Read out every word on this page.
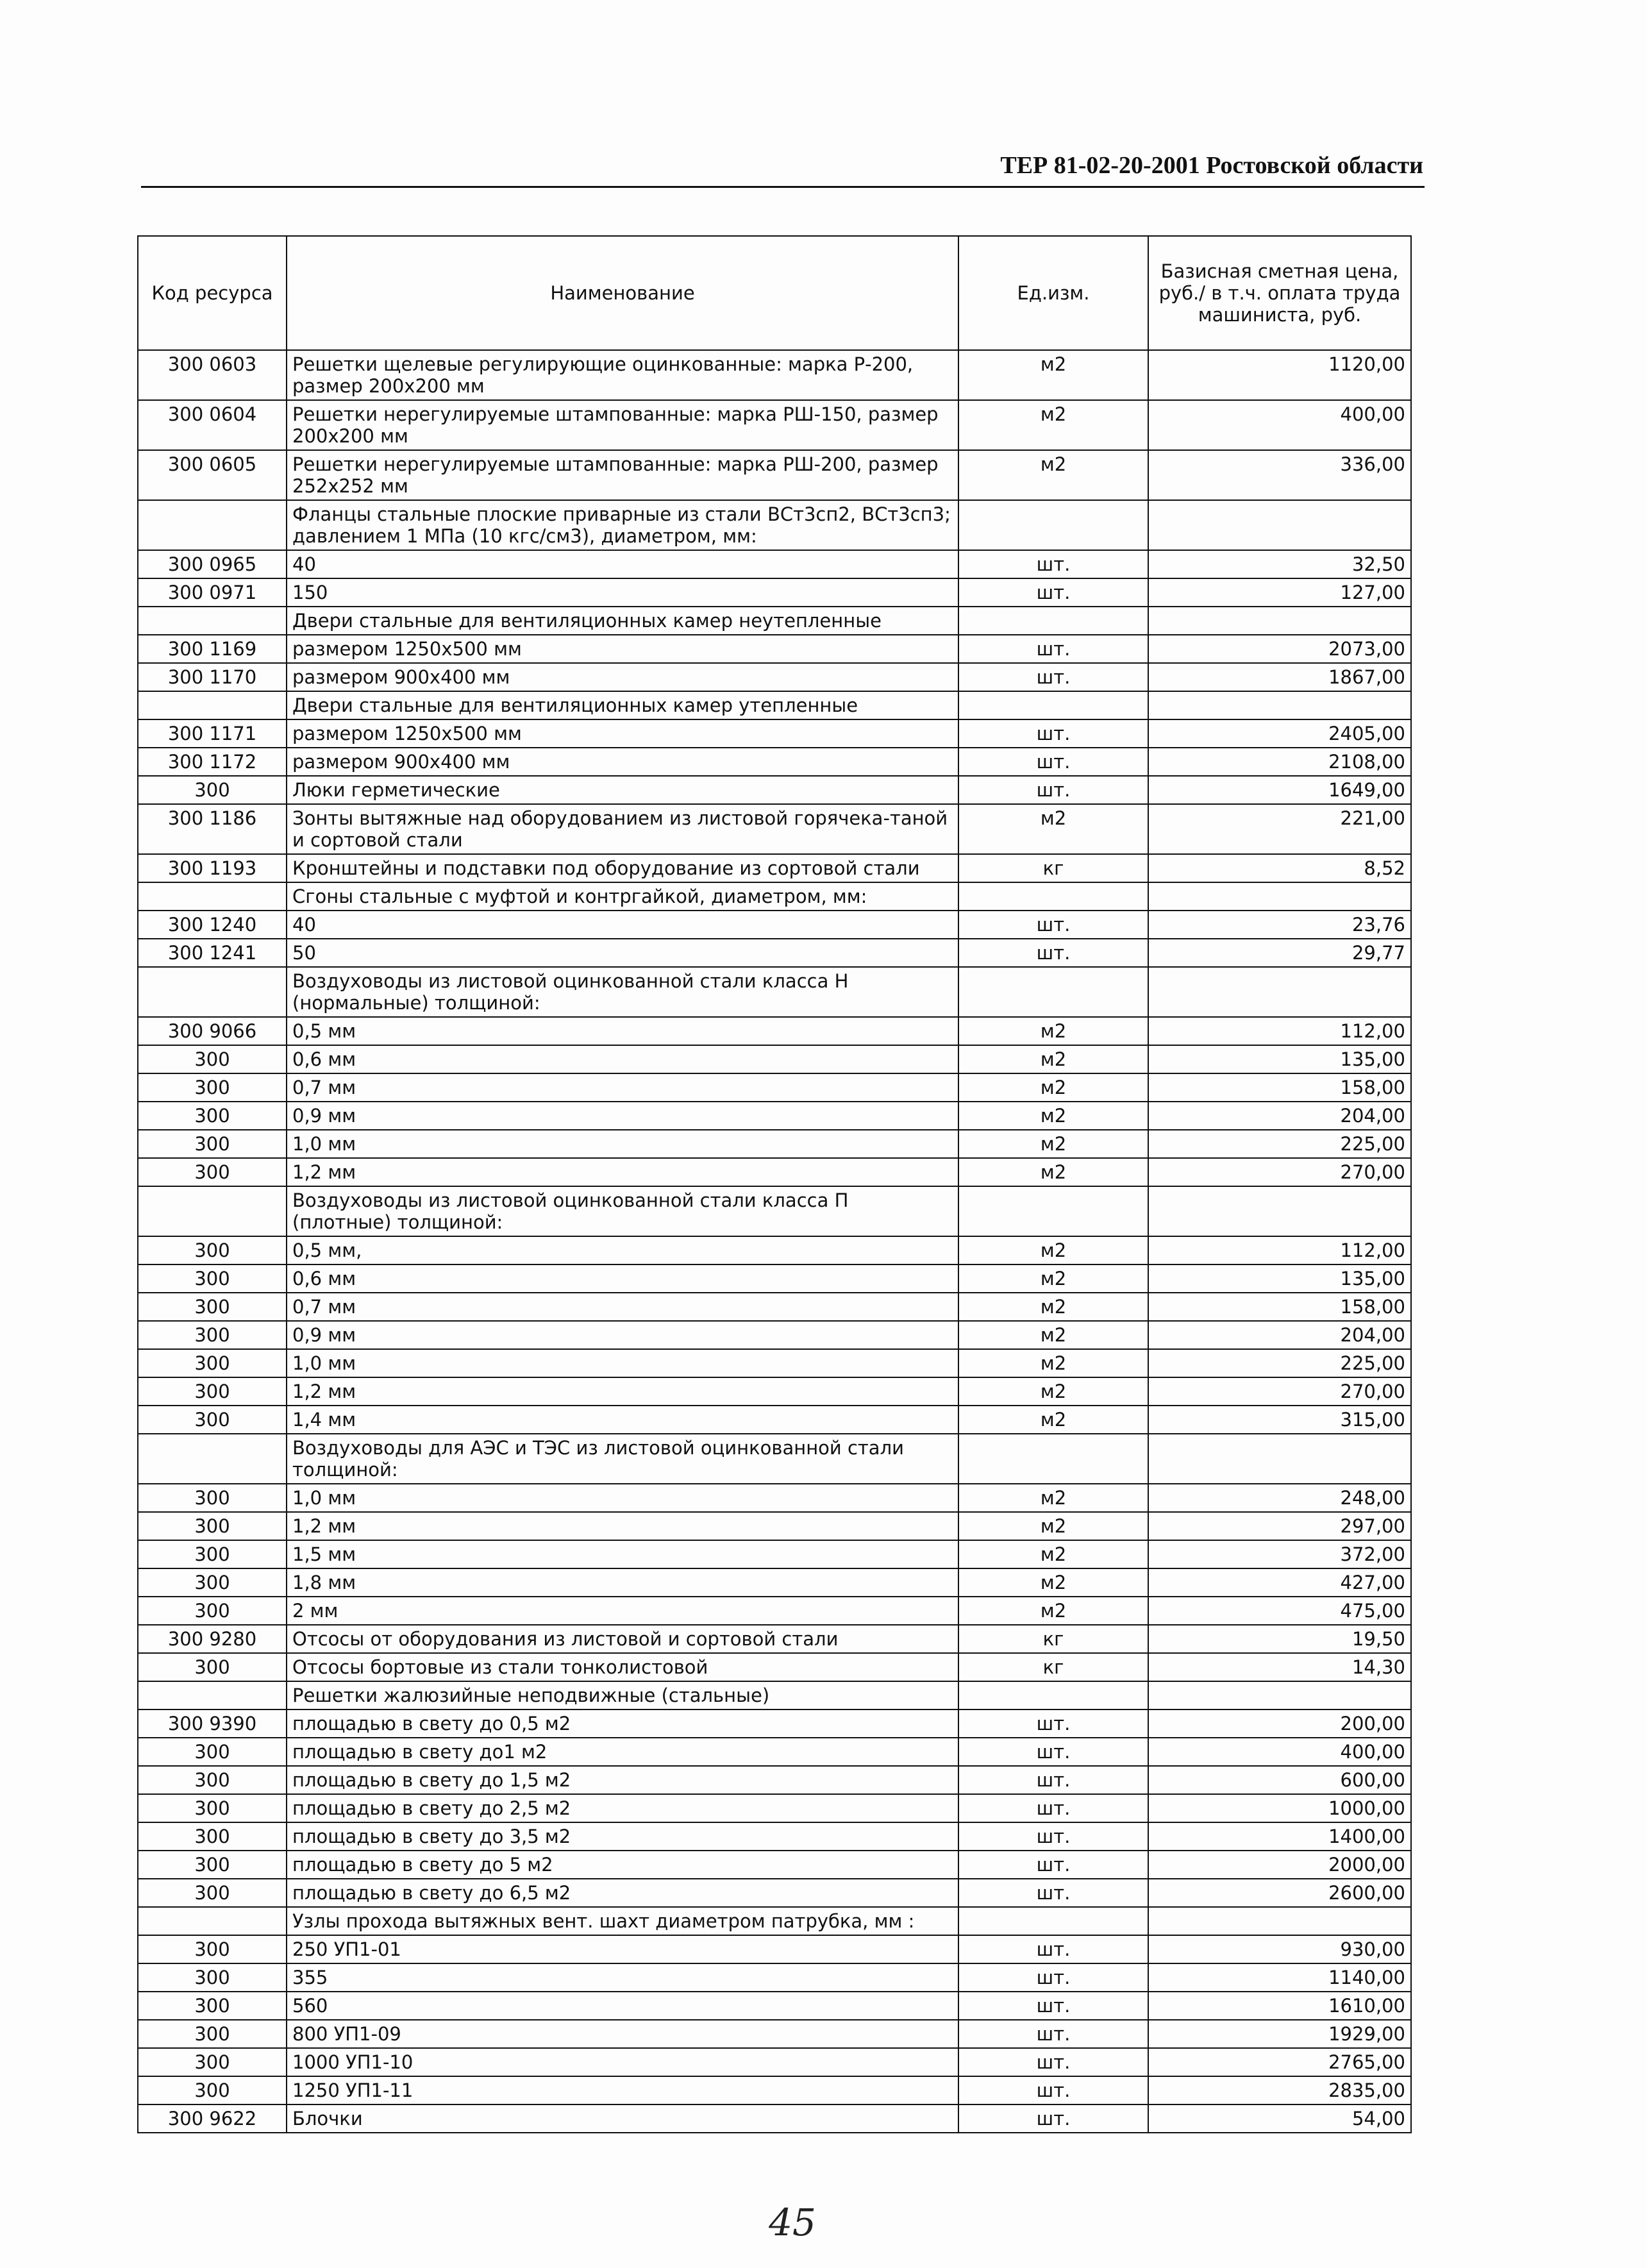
ТЕР 81-02-20-2001 Ростовской области
Код ресурса	Наименование	Ед.изм.	Базисная сметная цена, руб./ в т.ч. оплата труда машиниста, руб.
300 0603	Решетки щелевые регулирующие оцинкованные: марка Р-200, размер 200х200 мм	м2	1120,00
300 0604	Решетки нерегулируемые штампованные: марка РШ-150, размер 200х200 мм	м2	400,00
300 0605	Решетки нерегулируемые штампованные: марка РШ-200, размер 252х252 мм	м2	336,00
	Фланцы стальные плоские приварные из стали ВСт3сп2, ВСт3сп3; давлением 1 МПа (10 кгс/см3), диаметром, мм:		
300 0965	40	шт.	32,50
300 0971	150	шт.	127,00
	Двери стальные для вентиляционных камер неутепленные		
300 1169	размером 1250х500 мм	шт.	2073,00
300 1170	размером 900х400 мм	шт.	1867,00
	Двери стальные для вентиляционных камер утепленные		
300 1171	размером 1250х500 мм	шт.	2405,00
300 1172	размером 900х400 мм	шт.	2108,00
300	Люки герметические	шт.	1649,00
300 1186	Зонты вытяжные над оборудованием из листовой горячека-таной и сортовой стали	м2	221,00
300 1193	Кронштейны и подставки под оборудование из сортовой стали	кг	8,52
	Сгоны стальные с муфтой и контргайкой, диаметром, мм:		
300 1240	40	шт.	23,76
300 1241	50	шт.	29,77
	Воздуховоды из листовой оцинкованной стали класса Н (нормальные) толщиной:		
300 9066	0,5 мм	м2	112,00
300	0,6 мм	м2	135,00
300	0,7 мм	м2	158,00
300	0,9 мм	м2	204,00
300	1,0 мм	м2	225,00
300	1,2 мм	м2	270,00
	Воздуховоды из листовой оцинкованной стали класса П (плотные) толщиной:		
300	0,5 мм,	м2	112,00
300	0,6 мм	м2	135,00
300	0,7 мм	м2	158,00
300	0,9 мм	м2	204,00
300	1,0 мм	м2	225,00
300	1,2 мм	м2	270,00
300	1,4 мм	м2	315,00
	Воздуховоды для АЭС и ТЭС из листовой оцинкованной стали толщиной:		
300	1,0 мм	м2	248,00
300	1,2 мм	м2	297,00
300	1,5 мм	м2	372,00
300	1,8 мм	м2	427,00
300	2 мм	м2	475,00
300 9280	Отсосы от оборудования из листовой и сортовой стали	кг	19,50
300	Отсосы бортовые из стали тонколистовой	кг	14,30
	Решетки жалюзийные неподвижные (стальные)		
300 9390	площадью в свету до 0,5 м2	шт.	200,00
300	площадью в свету до1 м2	шт.	400,00
300	площадью в свету до 1,5 м2	шт.	600,00
300	площадью в свету до 2,5 м2	шт.	1000,00
300	площадью в свету до 3,5 м2	шт.	1400,00
300	площадью в свету до 5 м2	шт.	2000,00
300	площадью в свету до 6,5 м2	шт.	2600,00
	Узлы прохода вытяжных вент. шахт диаметром патрубка, мм :		
300	250 УП1-01	шт.	930,00
300	355	шт.	1140,00
300	560	шт.	1610,00
300	800 УП1-09	шт.	1929,00
300	1000 УП1-10	шт.	2765,00
300	1250 УП1-11	шт.	2835,00
300 9622	Блочки	шт.	54,00
45
